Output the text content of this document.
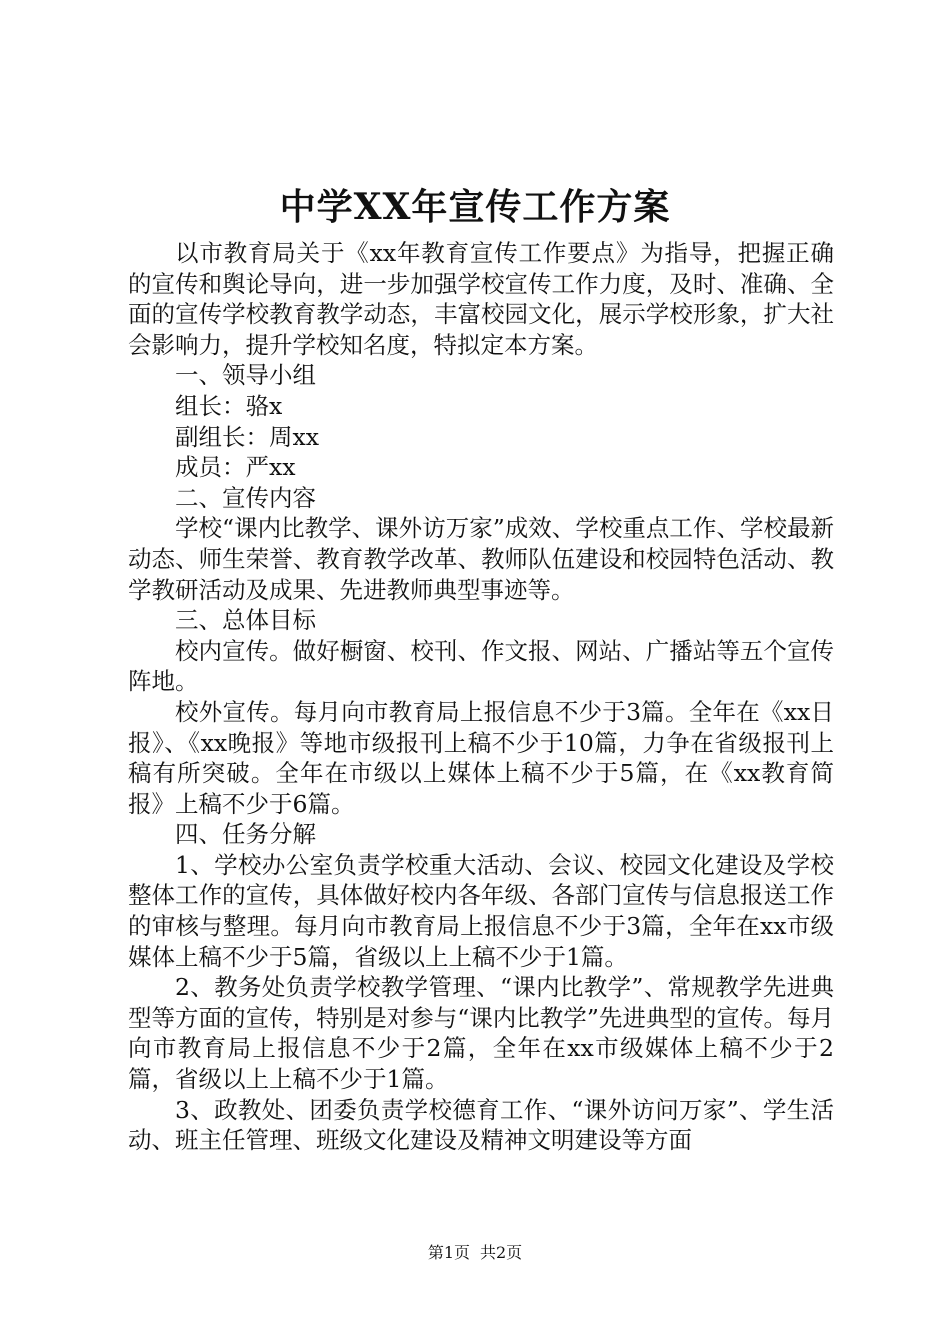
中学XX年宣传工作方案

以市教育局关于《xx年教育宣传工作要点》为指导，把握正确的宣传和舆论导向，进一步加强学校宣传工作力度，及时、准确、全面的宣传学校教育教学动态，丰富校园文化，展示学校形象，扩大社会影响力，提升学校知名度，特拟定本方案。

一、领导小组

组长：骆x

副组长：周xx

成员：严xx

二、宣传内容

学校“课内比教学、课外访万家”成效、学校重点工作、学校最新动态、师生荣誉、教育教学改革、教师队伍建设和校园特色活动、教学教研活动及成果、先进教师典型事迹等。

三、总体目标

校内宣传。做好橱窗、校刊、作文报、网站、广播站等五个宣传阵地。

校外宣传。每月向市教育局上报信息不少于3篇。全年在《xx日报》、《xx晚报》等地市级报刊上稿不少于10篇，力争在省级报刊上稿有所突破。全年在市级以上媒体上稿不少于5篇，在《xx教育简报》上稿不少于6篇。

四、任务分解

1、学校办公室负责学校重大活动、会议、校园文化建设及学校整体工作的宣传，具体做好校内各年级、各部门宣传与信息报送工作的审核与整理。每月向市教育局上报信息不少于3篇，全年在xx市级媒体上稿不少于5篇，省级以上上稿不少于1篇。

2、教务处负责学校教学管理、“课内比教学”、常规教学先进典型等方面的宣传，特别是对参与“课内比教学”先进典型的宣传。每月向市教育局上报信息不少于2篇，全年在xx市级媒体上稿不少于2篇，省级以上上稿不少于1篇。

3、政教处、团委负责学校德育工作、“课外访问万家”、学生活动、班主任管理、班级文化建设及精神文明建设等方面

第1页 共2页
